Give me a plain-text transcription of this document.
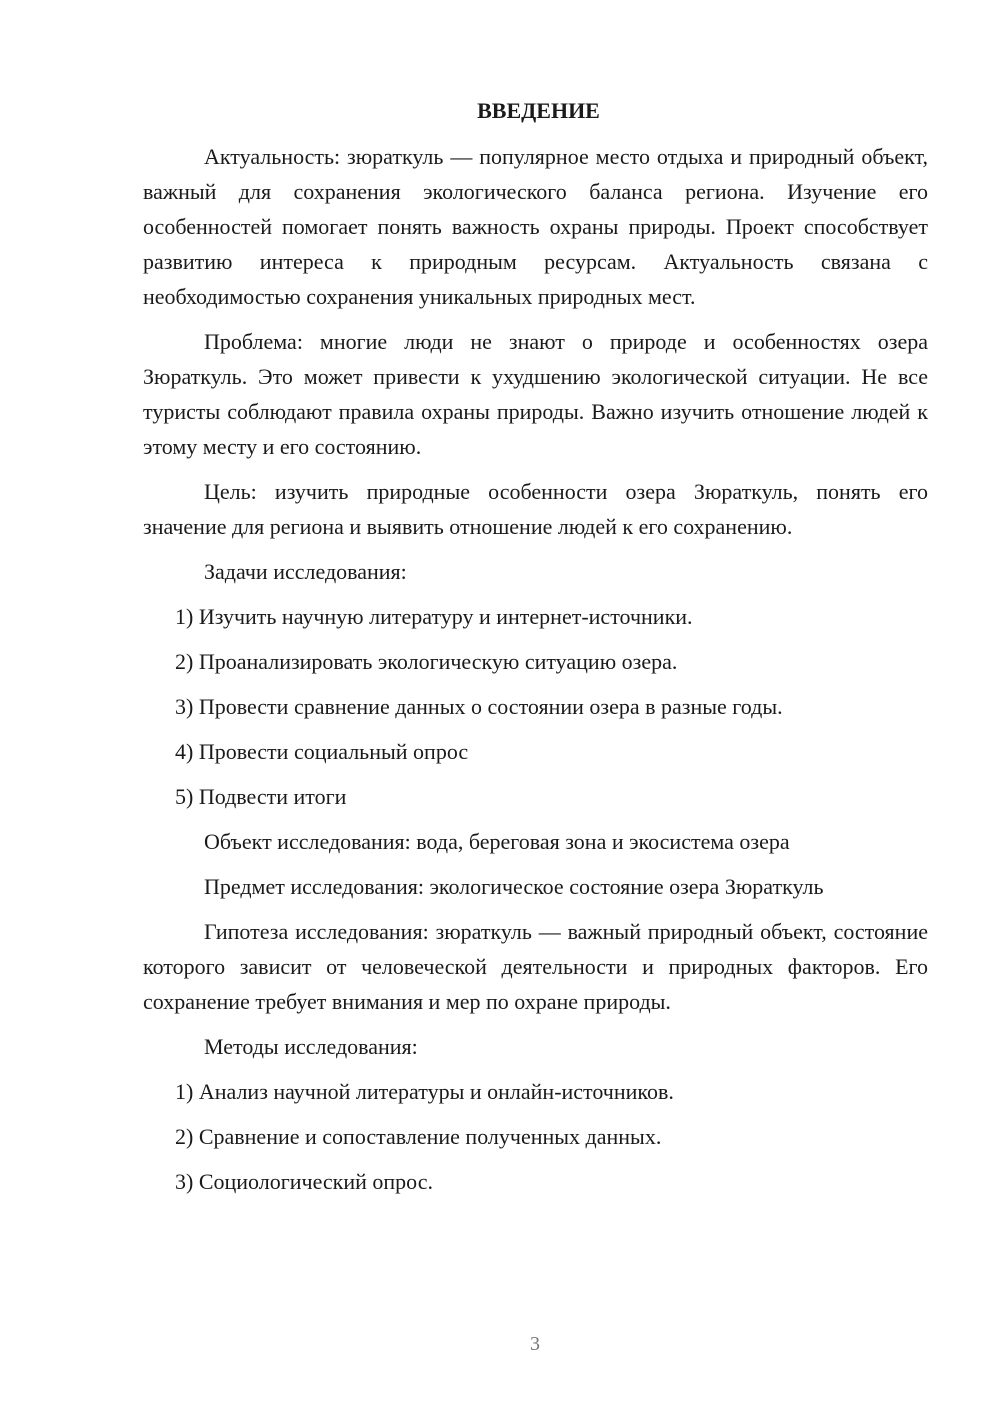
ВВЕДЕНИЕ

Актуальность: зюраткуль — популярное место отдыха и природный объект, важный для сохранения экологического баланса региона. Изучение его особенностей помогает понять важность охраны природы. Проект способствует развитию интереса к природным ресурсам. Актуальность связана с необходимостью сохранения уникальных природных мест.

Проблема: многие люди не знают о природе и особенностях озера Зюраткуль. Это может привести к ухудшению экологической ситуации. Не все туристы соблюдают правила охраны природы. Важно изучить отношение людей к этому месту и его состоянию.

Цель: изучить природные особенности озера Зюраткуль, понять его значение для региона и выявить отношение людей к его сохранению.

Задачи исследования:

1) Изучить научную литературу и интернет-источники.

2) Проанализировать экологическую ситуацию озера.

3) Провести сравнение данных о состоянии озера в разные годы.

4) Провести социальный опрос

5) Подвести итоги

Объект исследования: вода, береговая зона и экосистема озера

Предмет исследования: экологическое состояние озера Зюраткуль

Гипотеза исследования: зюраткуль — важный природный объект, состояние которого зависит от человеческой деятельности и природных факторов. Его сохранение требует внимания и мер по охране природы.

Методы исследования:

1) Анализ научной литературы и онлайн-источников.

2) Сравнение и сопоставление полученных данных.

3) Социологический опрос.

3
